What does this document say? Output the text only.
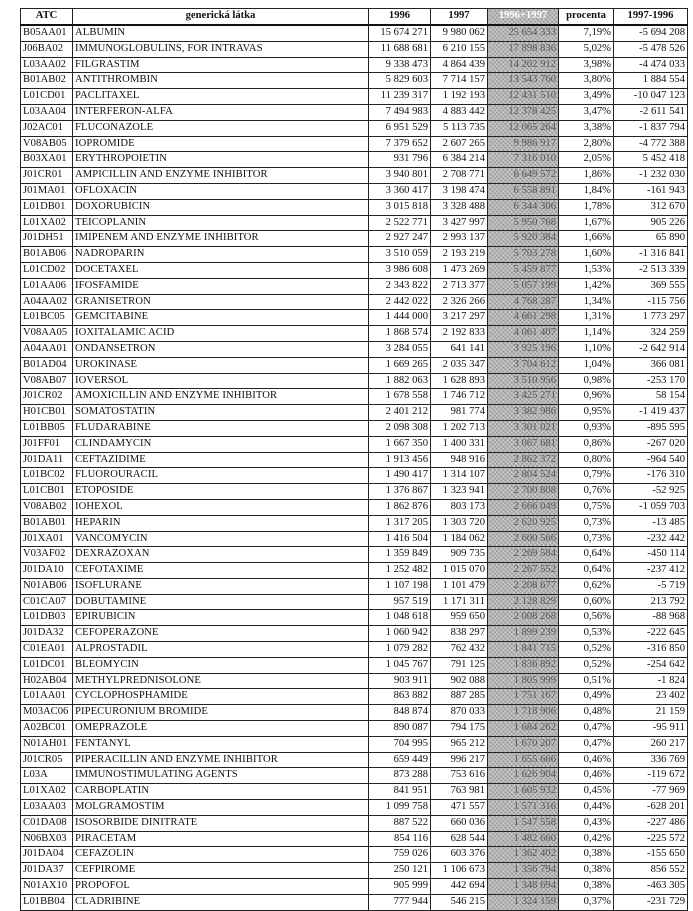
ATC	generická látka	1996	1997	1996+1997	procenta	1997-1996
B05AA01	ALBUMIN	15 674 271	9 980 062	25 654 333	7,19%	-5 694 208
J06BA02	IMMUNOGLOBULINS, FOR INTRAVAS	11 688 681	6 210 155	17 898 836	5,02%	-5 478 526
L03AA02	FILGRASTIM	9 338 473	4 864 439	14 202 912	3,98%	-4 474 033
B01AB02	ANTITHROMBIN	5 829 603	7 714 157	13 543 760	3,80%	1 884 554
L01CD01	PACLITAXEL	11 239 317	1 192 193	12 431 510	3,49%	-10 047 123
L03AA04	INTERFERON-ALFA	7 494 983	4 883 442	12 378 425	3,47%	-2 611 541
J02AC01	FLUCONAZOLE	6 951 529	5 113 735	12 065 264	3,38%	-1 837 794
V08AB05	IOPROMIDE	7 379 652	2 607 265	9 986 917	2,80%	-4 772 388
B03XA01	ERYTHROPOIETIN	931 796	6 384 214	7 316 010	2,05%	5 452 418
J01CR01	AMPICILLIN AND ENZYME INHIBITOR	3 940 801	2 708 771	6 649 572	1,86%	-1 232 030
J01MA01	OFLOXACIN	3 360 417	3 198 474	6 558 891	1,84%	-161 943
L01DB01	DOXORUBICIN	3 015 818	3 328 488	6 344 306	1,78%	312 670
L01XA02	TEICOPLANIN	2 522 771	3 427 997	5 950 768	1,67%	905 226
J01DH51	IMIPENEM AND ENZYME INHIBITOR	2 927 247	2 993 137	5 920 384	1,66%	65 890
B01AB06	NADROPARIN	3 510 059	2 193 219	5 703 278	1,60%	-1 316 841
L01CD02	DOCETAXEL	3 986 608	1 473 269	5 459 877	1,53%	-2 513 339
L01AA06	IFOSFAMIDE	2 343 822	2 713 377	5 057 199	1,42%	369 555
A04AA02	GRANISETRON	2 442 022	2 326 266	4 768 287	1,34%	-115 756
L01BC05	GEMCITABINE	1 444 000	3 217 297	4 661 298	1,31%	1 773 297
V08AA05	IOXITALAMIC ACID	1 868 574	2 192 833	4 061 407	1,14%	324 259
A04AA01	ONDANSETRON	3 284 055	641 141	3 925 196	1,10%	-2 642 914
B01AD04	UROKINASE	1 669 265	2 035 347	3 704 612	1,04%	366 081
V08AB07	IOVERSOL	1 882 063	1 628 893	3 510 956	0,98%	-253 170
J01CR02	AMOXICILLIN AND ENZYME INHIBITOR	1 678 558	1 746 712	3 425 271	0,96%	58 154
H01CB01	SOMATOSTATIN	2 401 212	981 774	3 382 986	0,95%	-1 419 437
L01BB05	FLUDARABINE	2 098 308	1 202 713	3 301 021	0,93%	-895 595
J01FF01	CLINDAMYCIN	1 667 350	1 400 331	3 067 681	0,86%	-267 020
J01DA11	CEFTAZIDIME	1 913 456	948 916	2 862 372	0,80%	-964 540
L01BC02	FLUOROURACIL	1 490 417	1 314 107	2 804 524	0,79%	-176 310
L01CB01	ETOPOSIDE	1 376 867	1 323 941	2 700 808	0,76%	-52 925
V08AB02	IOHEXOL	1 862 876	803 173	2 666 049	0,75%	-1 059 703
B01AB01	HEPARIN	1 317 205	1 303 720	2 620 925	0,73%	-13 485
J01XA01	VANCOMYCIN	1 416 504	1 184 062	2 600 566	0,73%	-232 442
V03AF02	DEXRAZOXAN	1 359 849	909 735	2 269 584	0,64%	-450 114
J01DA10	CEFOTAXIME	1 252 482	1 015 070	2 267 552	0,64%	-237 412
N01AB06	ISOFLURANE	1 107 198	1 101 479	2 208 677	0,62%	-5 719
C01CA07	DOBUTAMINE	957 519	1 171 311	2 128 829	0,60%	213 792
L01DB03	EPIRUBICIN	1 048 618	959 650	2 008 268	0,56%	-88 968
J01DA32	CEFOPERAZONE	1 060 942	838 297	1 899 239	0,53%	-222 645
C01EA01	ALPROSTADIL	1 079 282	762 432	1 841 715	0,52%	-316 850
L01DC01	BLEOMYCIN	1 045 767	791 125	1 836 892	0,52%	-254 642
H02AB04	METHYLPREDNISOLONE	903 911	902 088	1 805 999	0,51%	-1 824
L01AA01	CYCLOPHOSPHAMIDE	863 882	887 285	1 751 167	0,49%	23 402
M03AC06	PIPECURONIUM BROMIDE	848 874	870 033	1 718 906	0,48%	21 159
A02BC01	OMEPRAZOLE	890 087	794 175	1 684 262	0,47%	-95 911
N01AH01	FENTANYL	704 995	965 212	1 670 207	0,47%	260 217
J01CR05	PIPERACILLIN AND ENZYME INHIBITOR	659 449	996 217	1 655 666	0,46%	336 769
L03A	IMMUNOSTIMULATING AGENTS	873 288	753 616	1 626 904	0,46%	-119 672
L01XA02	CARBOPLATIN	841 951	763 981	1 605 932	0,45%	-77 969
L03AA03	MOLGRAMOSTIM	1 099 758	471 557	1 571 316	0,44%	-628 201
C01DA08	ISOSORBIDE DINITRATE	887 522	660 036	1 547 558	0,43%	-227 486
N06BX03	PIRACETAM	854 116	628 544	1 482 660	0,42%	-225 572
J01DA04	CEFAZOLIN	759 026	603 376	1 362 402	0,38%	-155 650
J01DA37	CEFPIROME	250 121	1 106 673	1 356 794	0,38%	856 552
N01AX10	PROPOFOL	905 999	442 694	1 348 694	0,38%	-463 305
L01BB04	CLADRIBINE	777 944	546 215	1 324 159	0,37%	-231 729
